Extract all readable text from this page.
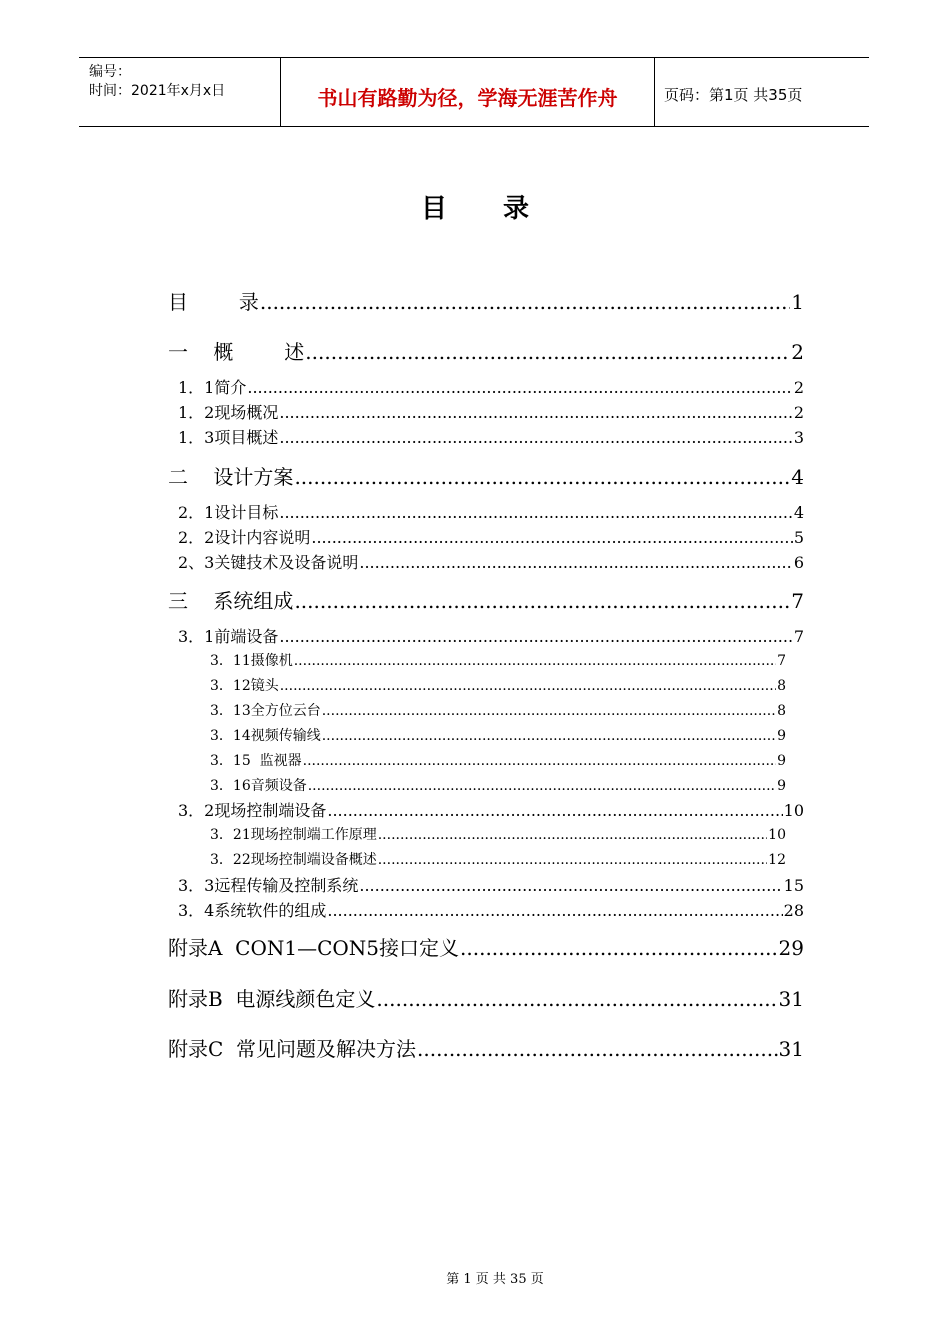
编号：
时间：2021年x月x日	书山有路勤为径，学海无涯苦作舟	页码：第1页 共35页
目录
目        录 .....	1
一    概        述 .....	2
1．1简介 .....	2
1．2现场概况 .....	2
1．3项目概述 .....	3
二    设计方案 .....	4
2．1设计目标 .....	4
2．2设计内容说明 .....	5
2、3关键技术及设备说明 .....	6
三    系统组成 .....	7
3．1前端设备 .....	7
3．11摄像机 .....	7
3．12镜头 .....	8
3．13全方位云台 .....	8
3．14视频传输线 .....	9
3．15  监视器 .....	9
3．16音频设备 .....	9
3．2现场控制端设备 .....	10
3．21现场控制端工作原理 .....	10
3．22现场控制端设备概述 .....	12
3．3远程传输及控制系统 .....	15
3．4系统软件的组成 .....	28
附录A  CON1—CON5接口定义 .....	29
附录B  电源线颜色定义 .....	31
附录C  常见问题及解决方法 .....	31
第 1 页 共 35 页
